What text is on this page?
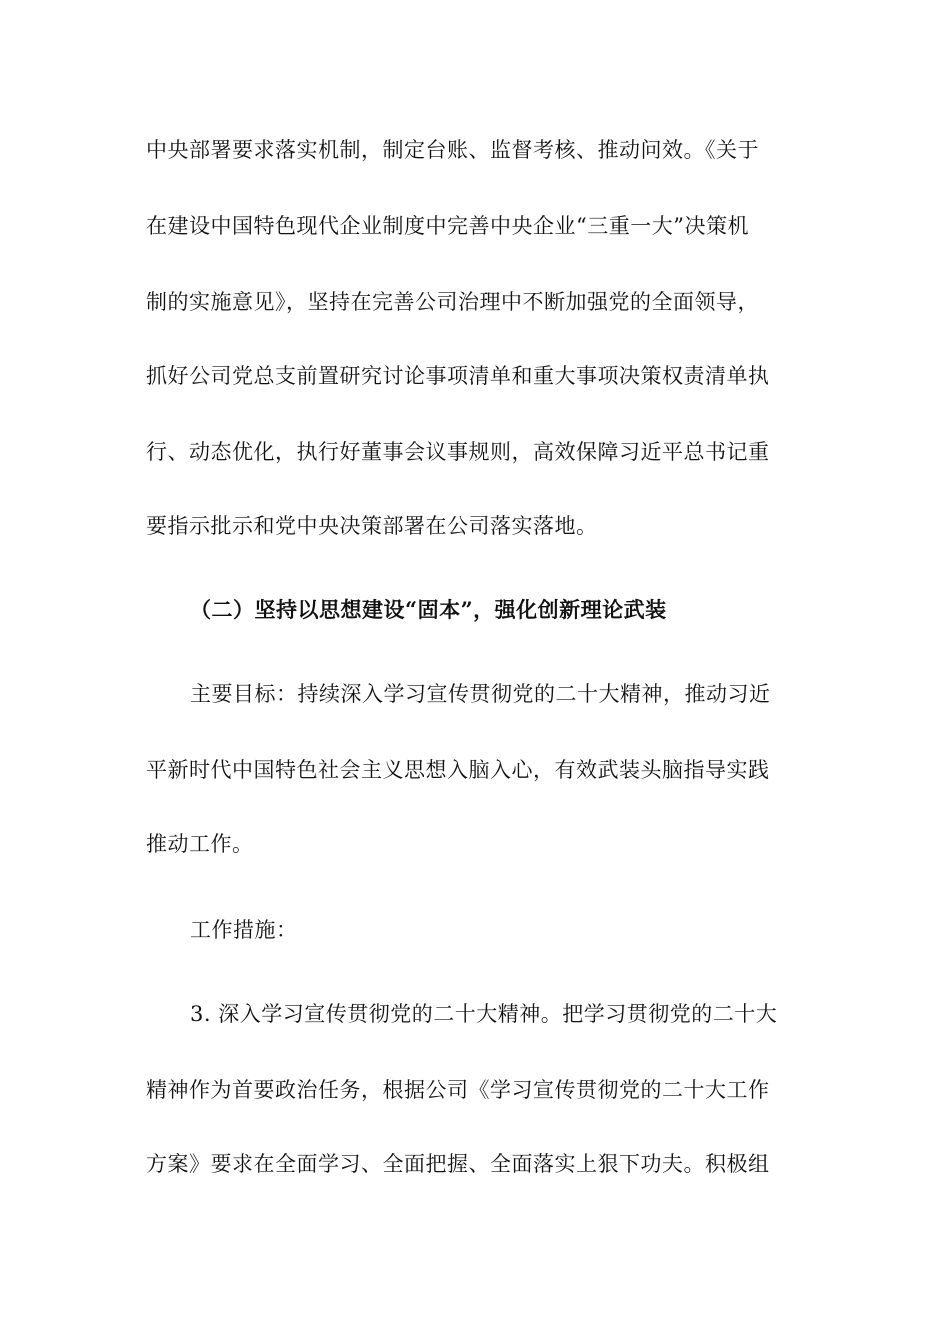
中央部署要求落实机制，制定台账、监督考核、推动问效。《关于
在建设中国特色现代企业制度中完善中央企业“三重一大”决策机
制的实施意见》，坚持在完善公司治理中不断加强党的全面领导，
抓好公司党总支前置研究讨论事项清单和重大事项决策权责清单执
行、动态优化，执行好董事会议事规则，高效保障习近平总书记重
要指示批示和党中央决策部署在公司落实落地。
（二）坚持以思想建设“固本”，强化创新理论武装
主要目标：持续深入学习宣传贯彻党的二十大精神，推动习近
平新时代中国特色社会主义思想入脑入心，有效武装头脑指导实践
推动工作。
工作措施：
3. 深入学习宣传贯彻党的二十大精神。把学习贯彻党的二十大
精神作为首要政治任务，根据公司《学习宣传贯彻党的二十大工作
方案》要求在全面学习、全面把握、全面落实上狠下功夫。积极组
